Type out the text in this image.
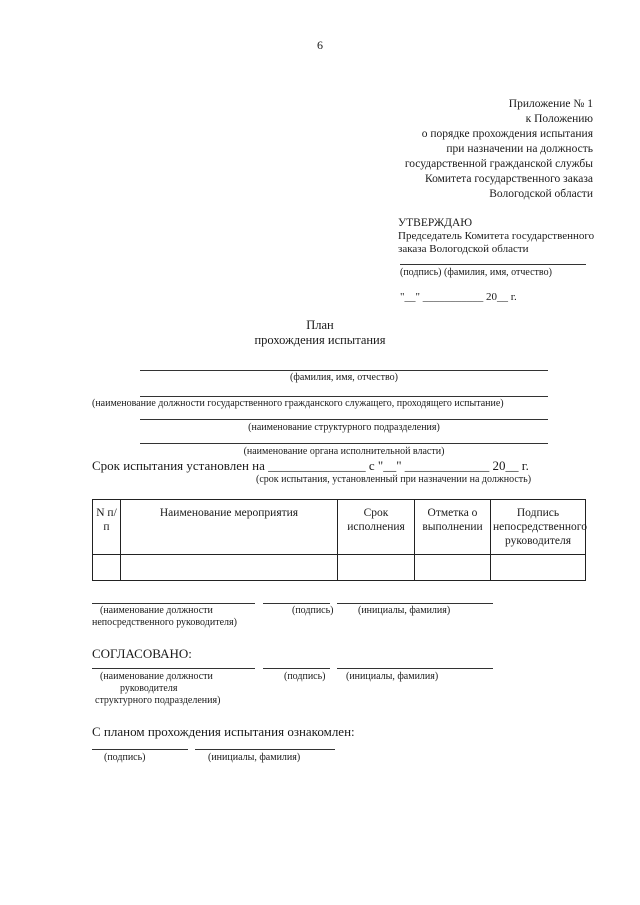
6
Приложение № 1
к Положению
о порядке прохождения испытания
при назначении на должность
государственной гражданской службы
Комитета государственного заказа
Вологодской области
УТВЕРЖДАЮ
Председатель Комитета государственного
заказа Вологодской области
(подпись) (фамилия, имя, отчество)
"__" ___________ 20__ г.
План
прохождения испытания
(фамилия, имя, отчество)
(наименование должности государственного гражданского служащего, проходящего испытание)
(наименование структурного подразделения)
(наименование органа исполнительной власти)
Срок испытания установлен на _______________ с "__" _____________ 20__ г.
(срок испытания, установленный при назначении на должность)
N п/п	Наименование мероприятия	Срок исполнения	Отметка о выполнении	Подпись непосредственного руководителя

(наименование должности
непосредственного руководителя)
(подпись) (инициалы, фамилия)
СОГЛАСОВАНО:
(наименование должности
руководителя
структурного подразделения)
(подпись) (инициалы, фамилия)
С планом прохождения испытания ознакомлен:
(подпись)	(инициалы, фамилия)
